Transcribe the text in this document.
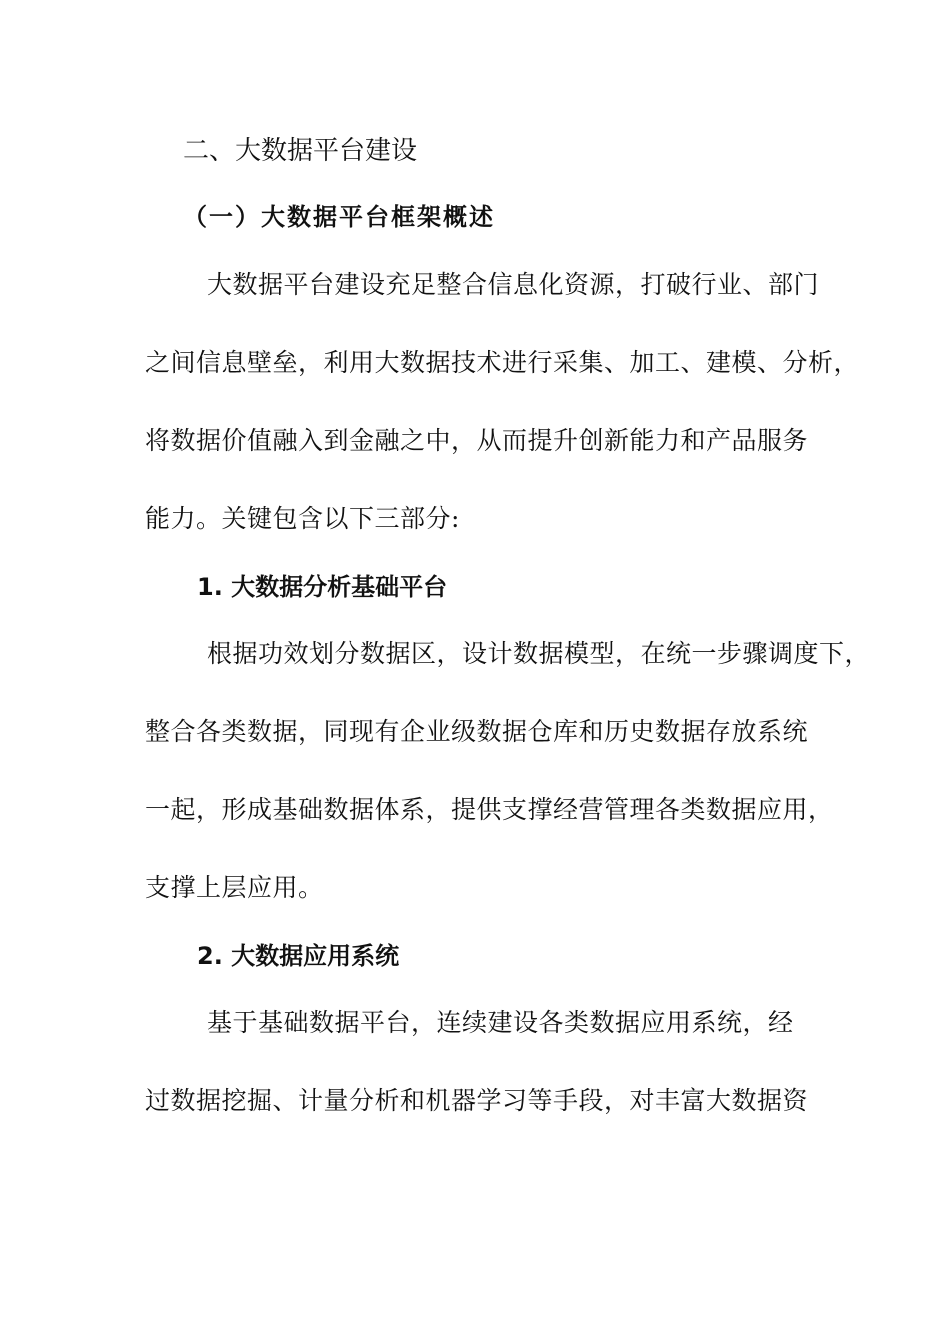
二、大数据平台建设
（一）大数据平台框架概述
大数据平台建设充足整合信息化资源，打破行业、部门
之间信息壁垒，利用大数据技术进行采集、加工、建模、分析，
将数据价值融入到金融之中，从而提升创新能力和产品服务
能力。关键包含以下三部分:
1. 大数据分析基础平台
根据功效划分数据区，设计数据模型，在统一步骤调度下，
整合各类数据，同现有企业级数据仓库和历史数据存放系统
一起，形成基础数据体系，提供支撑经营管理各类数据应用，
支撑上层应用。
2. 大数据应用系统
基于基础数据平台，连续建设各类数据应用系统，经
过数据挖掘、计量分析和机器学习等手段，对丰富大数据资
